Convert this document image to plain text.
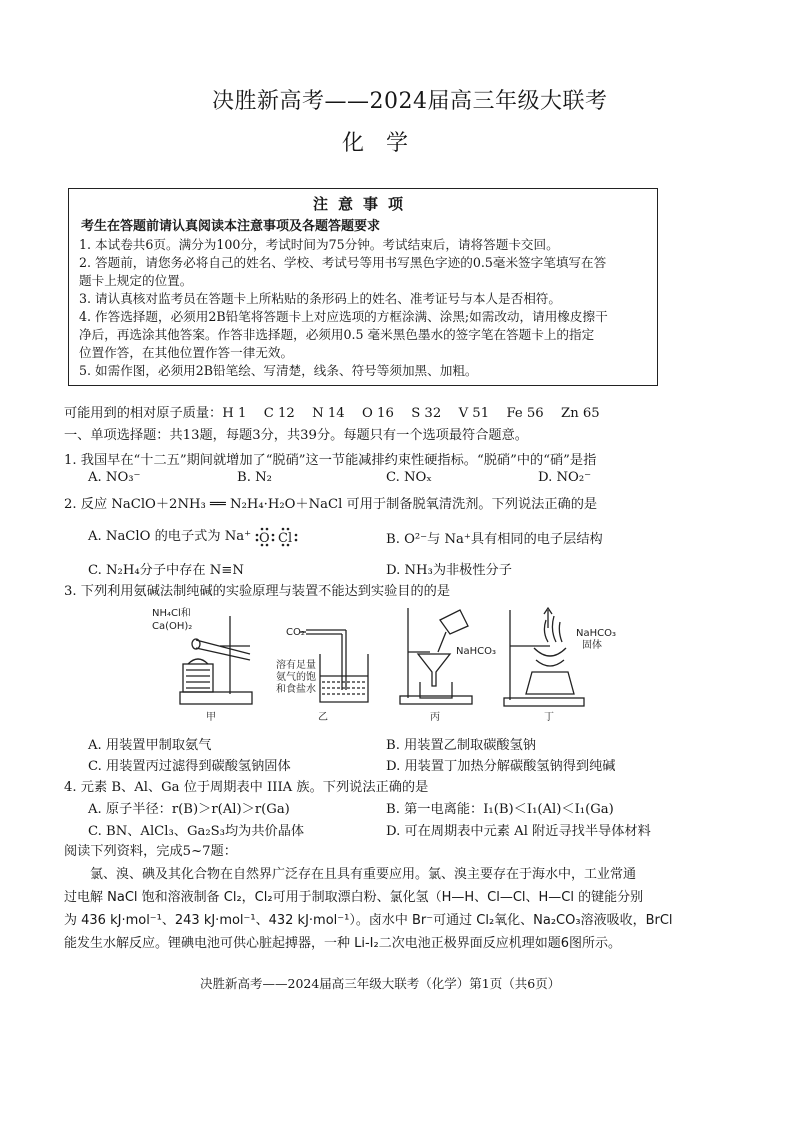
决胜新高考——2024届高三年级大联考
化学
注意事项
考生在答题前请认真阅读本注意事项及各题答题要求
1. 本试卷共6页。满分为100分，考试时间为75分钟。考试结束后，请将答题卡交回。
2. 答题前，请您务必将自己的姓名、学校、考试号等用书写黑色字迹的0.5毫米签字笔填写在答
题卡上规定的位置。
3. 请认真核对监考员在答题卡上所粘贴的条形码上的姓名、准考证号与本人是否相符。
4. 作答选择题，必须用2B铅笔将答题卡上对应选项的方框涂满、涂黑;如需改动，请用橡皮擦干
净后，再选涂其他答案。作答非选择题，必须用0.5 毫米黑色墨水的签字笔在答题卡上的指定
位置作答，在其他位置作答一律无效。
5. 如需作图，必须用2B铅笔绘、写清楚，线条、符号等须加黑、加粗。
可能用到的相对原子质量：H 1　 C 12　 N 14　 O 16　 S 32　 V 51　 Fe 56　 Zn 65
一、单项选择题：共13题，每题3分，共39分。每题只有一个选项最符合题意。
1. 我国早在“十二五”期间就增加了“脱硝”这一节能减排约束性硬指标。“脱硝”中的“硝”是指
A. NO₃⁻	B. N₂	C. NOₓ	D. NO₂⁻
2. 反应 NaClO＋2NH₃ ══ N₂H₄·H₂O＋NaCl 可用于制备脱氧清洗剂。下列说法正确的是
A. NaClO 的电子式为 Na⁺ O Cl	B. O²⁻与 Na⁺具有相同的电子层结构
C. N₂H₄分子中存在 N≡N	D. NH₃为非极性分子
3. 下列利用氨碱法制纯碱的实验原理与装置不能达到实验目的的是
NH₄Cl和
Ca(OH)₂
甲
CO₂
溶有足量
氨气的饱
和食盐水
乙
NaHCO₃
丙
NaHCO₃
固体
丁
A. 用装置甲制取氨气	B. 用装置乙制取碳酸氢钠
C. 用装置丙过滤得到碳酸氢钠固体	D. 用装置丁加热分解碳酸氢钠得到纯碱
4. 元素 B、Al、Ga 位于周期表中 IIIA 族。下列说法正确的是
A. 原子半径：r(B)＞r(Al)＞r(Ga)	B. 第一电离能：I₁(B)＜I₁(Al)＜I₁(Ga)
C. BN、AlCl₃、Ga₂S₃均为共价晶体	D. 可在周期表中元素 Al 附近寻找半导体材料
阅读下列资料，完成5~7题：
　　氯、溴、碘及其化合物在自然界广泛存在且具有重要应用。氯、溴主要存在于海水中，工业常通
过电解 NaCl 饱和溶液制备 Cl₂，Cl₂可用于制取漂白粉、氯化氢（H—H、Cl—Cl、H—Cl 的键能分别
为 436 kJ·mol⁻¹、243 kJ·mol⁻¹、432 kJ·mol⁻¹）。卤水中 Br⁻可通过 Cl₂氧化、Na₂CO₃溶液吸收，BrCl
能发生水解反应。锂碘电池可供心脏起搏器，一种 Li-I₂二次电池正极界面反应机理如题6图所示。
决胜新高考——2024届高三年级大联考（化学）第1页（共6页）
